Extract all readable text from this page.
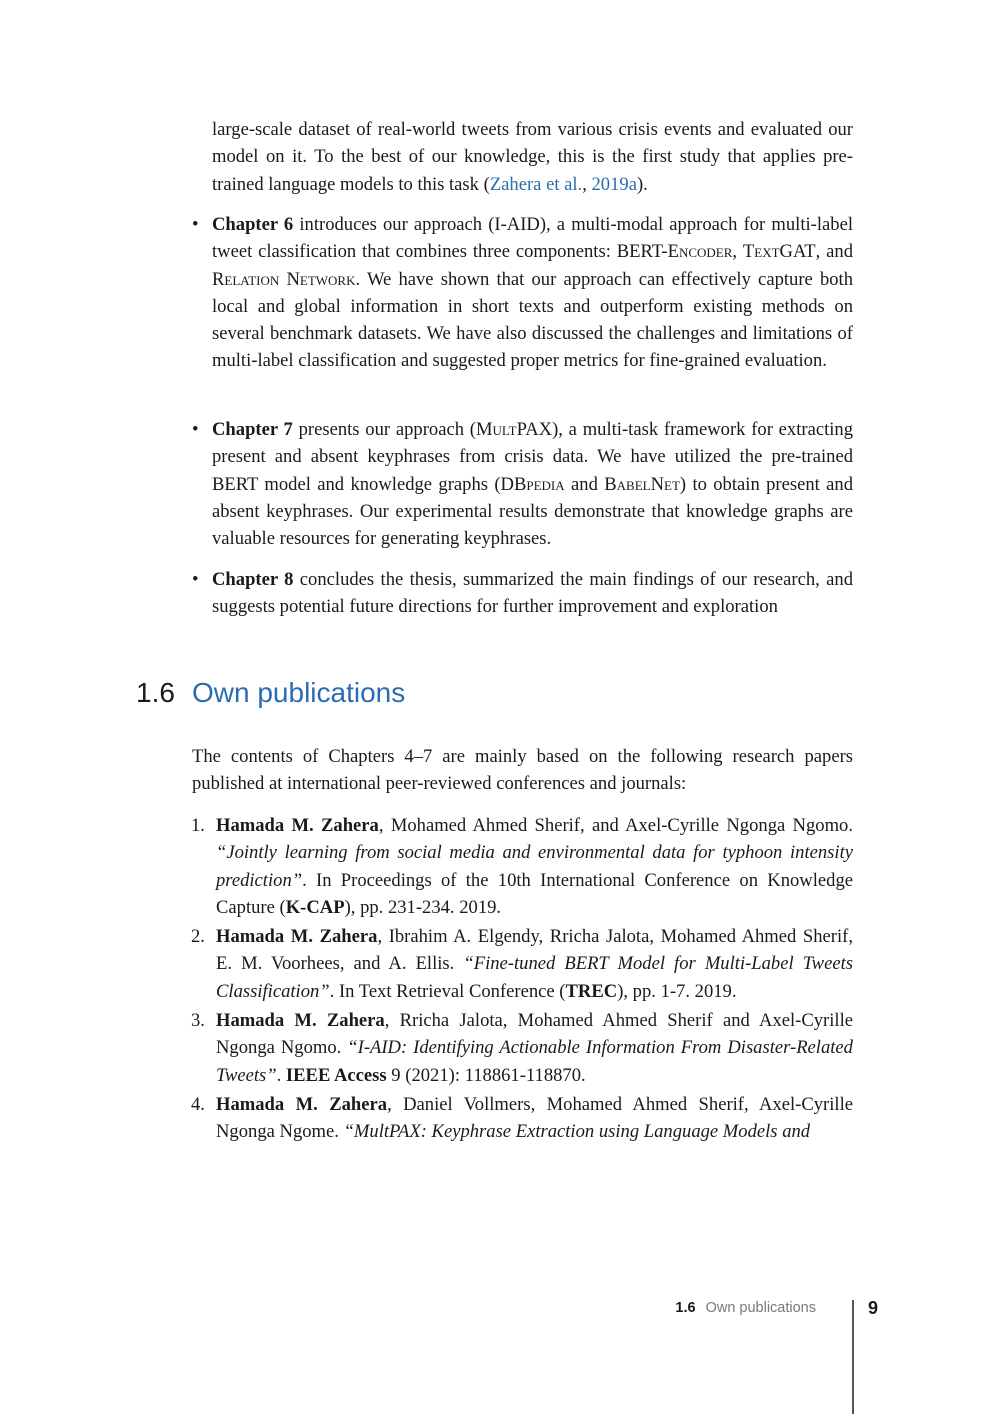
large-scale dataset of real-world tweets from various crisis events and evaluated our model on it. To the best of our knowledge, this is the first study that applies pre-trained language models to this task (Zahera et al., 2019a).
• Chapter 6 introduces our approach (I-AID), a multi-modal approach for multi-label tweet classification that combines three components: BERT-Encoder, TextGAT, and Relation Network. We have shown that our approach can effectively capture both local and global information in short texts and outperform existing methods on several benchmark datasets. We have also discussed the challenges and limitations of multi-label classification and suggested proper metrics for fine-grained evaluation.
• Chapter 7 presents our approach (MultPAX), a multi-task framework for extracting present and absent keyphrases from crisis data. We have utilized the pre-trained BERT model and knowledge graphs (DBpedia and BabelNet) to obtain present and absent keyphrases. Our experimental results demonstrate that knowledge graphs are valuable resources for generating keyphrases.
• Chapter 8 concludes the thesis, summarized the main findings of our research, and suggests potential future directions for further improvement and exploration
1.6 Own publications
The contents of Chapters 4–7 are mainly based on the following research papers published at international peer-reviewed conferences and journals:
1. Hamada M. Zahera, Mohamed Ahmed Sherif, and Axel-Cyrille Ngonga Ngomo. “Jointly learning from social media and environmental data for typhoon intensity prediction”. In Proceedings of the 10th International Conference on Knowledge Capture (K-CAP), pp. 231-234. 2019.
2. Hamada M. Zahera, Ibrahim A. Elgendy, Rricha Jalota, Mohamed Ahmed Sherif, E. M. Voorhees, and A. Ellis. “Fine-tuned BERT Model for Multi-Label Tweets Classification”. In Text Retrieval Conference (TREC), pp. 1-7. 2019.
3. Hamada M. Zahera, Rricha Jalota, Mohamed Ahmed Sherif and Axel-Cyrille Ngonga Ngomo. “I-AID: Identifying Actionable Information From Disaster-Related Tweets”. IEEE Access 9 (2021): 118861-118870.
4. Hamada M. Zahera, Daniel Vollmers, Mohamed Ahmed Sherif, Axel-Cyrille Ngonga Ngome. “MultPAX: Keyphrase Extraction using Language Models and
1.6 Own publications	9
